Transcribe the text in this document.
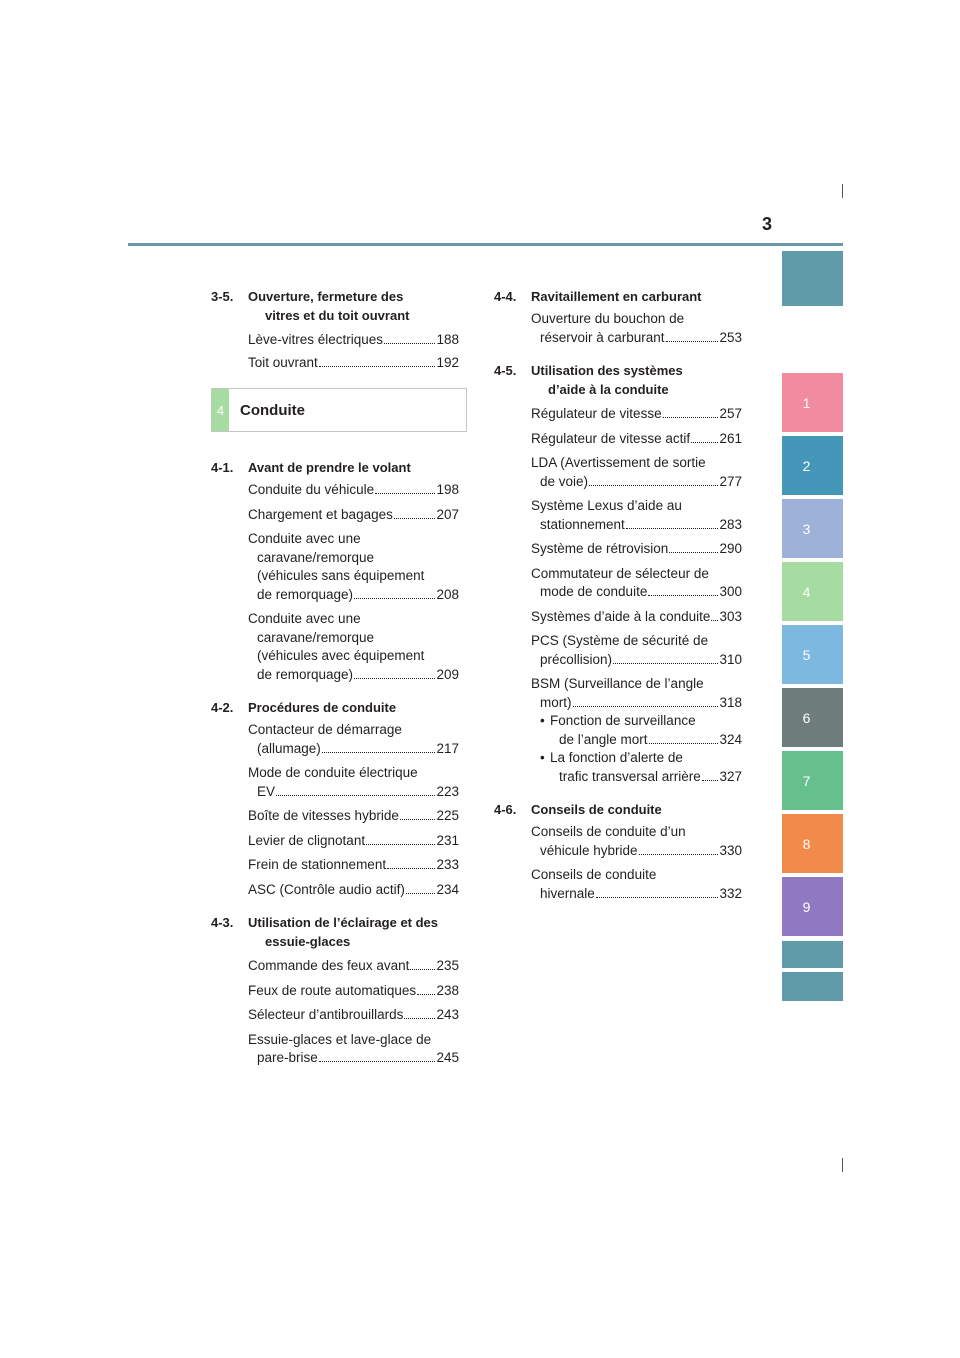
3
1
2
3
4
5
6
7
8
9
3-5.	Ouverture, fermeture des
vitres et du toit ouvrant
Lève-vitres électriques	188
Toit ouvrant	192
4	Conduite
4-1.	Avant de prendre le volant
Conduite du véhicule	198
Chargement et bagages	207
Conduite avec une
caravane/remorque
(véhicules sans équipement
de remorquage)	208
Conduite avec une
caravane/remorque
(véhicules avec équipement
de remorquage)	209
4-2.	Procédures de conduite
Contacteur de démarrage
(allumage)	217
Mode de conduite électrique
EV	223
Boîte de vitesses hybride	225
Levier de clignotant	231
Frein de stationnement	233
ASC (Contrôle audio actif) 234
4-3.	Utilisation de l’éclairage et des
essuie-glaces
Commande des feux avant 235
Feux de route automatiques 238
Sélecteur d’antibrouillards 243
Essuie-glaces et lave-glace de
pare-brise	245
4-4.	Ravitaillement en carburant
Ouverture du bouchon de
réservoir à carburant	253
4-5.	Utilisation des systèmes
d’aide à la conduite
Régulateur de vitesse	257
Régulateur de vitesse actif 261
LDA (Avertissement de sortie
de voie)	277
Système Lexus d’aide au
stationnement	283
Système de rétrovision	290
Commutateur de sélecteur de
mode de conduite	300
Systèmes d’aide à la conduite 303
PCS (Système de sécurité de
précollision)	310
BSM (Surveillance de l’angle
mort)	318
• Fonction de surveillance
de l’angle mort	324
• La fonction d’alerte de
trafic transversal arrière 327
4-6.	Conseils de conduite
Conseils de conduite d’un
véhicule hybride	330
Conseils de conduite
hivernale	332
